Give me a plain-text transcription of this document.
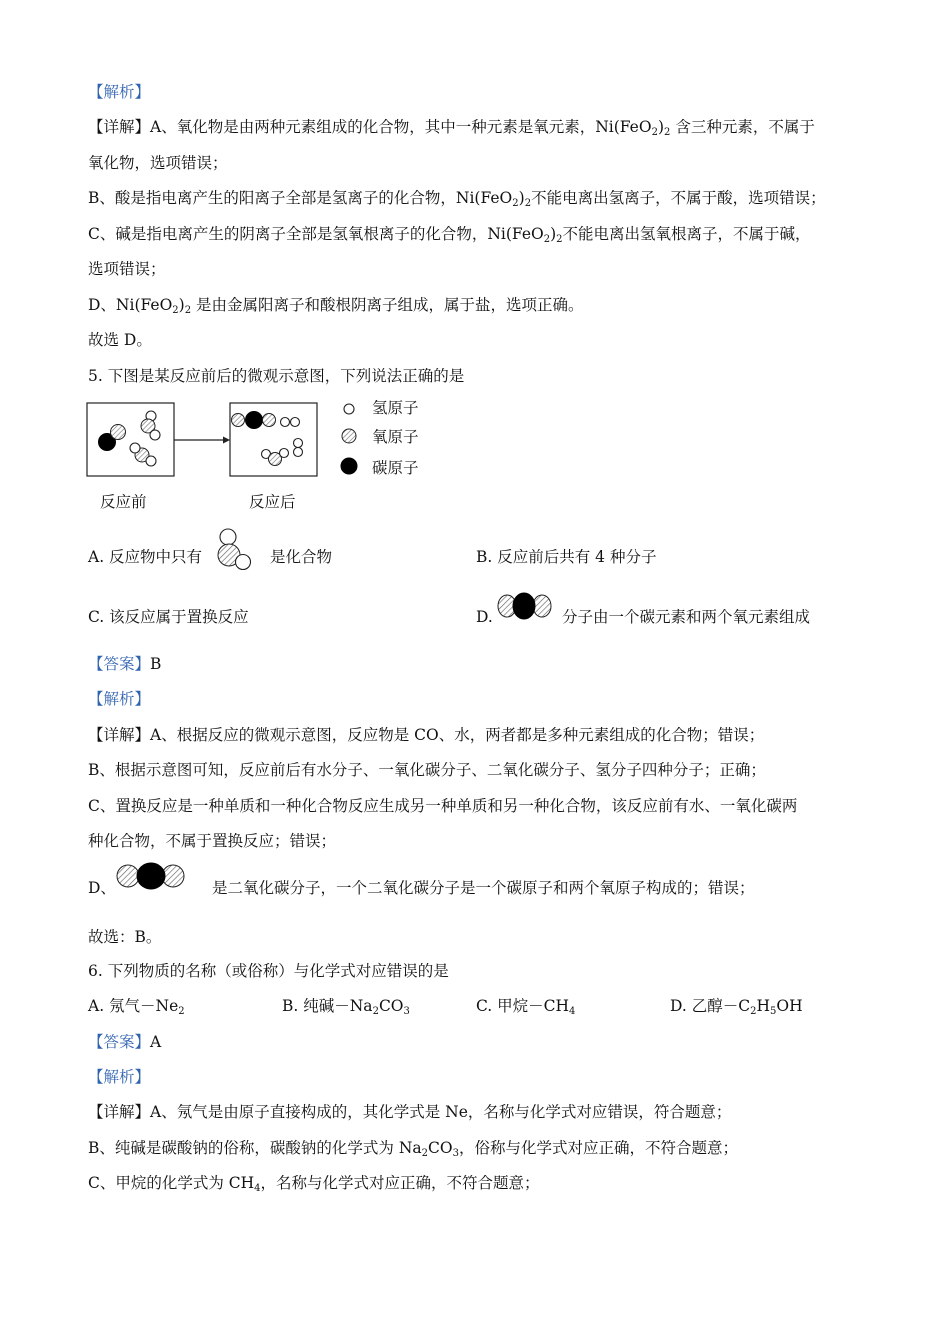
【解析】
【详解】A、氧化物是由两种元素组成的化合物，其中一种元素是氧元素，$Ni(FeO_2)_2$ 含三种元素，不属于
氧化物，选项错误；
B、酸是指电离产生的阳离子全部是氢离子的化合物，$Ni(FeO_2)_2$不能电离出氢离子，不属于酸，选项错误；
C、碱是指电离产生的阴离子全部是氢氧根离子的化合物，$Ni(FeO_2)_2$不能电离出氢氧根离子，不属于碱，
选项错误；
D、$Ni(FeO_2)_2$ 是由金属阳离子和酸根阴离子组成，属于盐，选项正确。
故选 D。
5. 下图是某反应前后的微观示意图，下列说法正确的是
氢原子
氧原子
碳原子
反应前	反应后
A. 反应物中只有	是化合物	B. 反应前后共有 4 种分子
C. 该反应属于置换反应	D.	分子由一个碳元素和两个氧元素组成
【答案】B
【解析】
【详解】A、根据反应的微观示意图，反应物是 CO、水，两者都是多种元素组成的化合物；错误；
B、根据示意图可知，反应前后有水分子、一氧化碳分子、二氧化碳分子、氢分子四种分子；正确；
C、置换反应是一种单质和一种化合物反应生成另一种单质和另一种化合物，该反应前有水、一氧化碳两
种化合物，不属于置换反应；错误；
D、	是二氧化碳分子，一个二氧化碳分子是一个碳原子和两个氧原子构成的；错误；
故选：B。
6. 下列物质的名称（或俗称）与化学式对应错误的是
A. 氖气$-Ne_2$	B. 纯碱$-Na_2CO_3$	C. 甲烷$-CH_4$	D. 乙醇$-C_2H_5OH$
【答案】A
【解析】
【详解】A、氖气是由原子直接构成的，其化学式是 Ne，名称与化学式对应错误，符合题意；
B、纯碱是碳酸钠的俗称，碳酸钠的化学式为 $Na_2CO_3$，俗称与化学式对应正确，不符合题意；
C、甲烷的化学式为 $CH_4$，名称与化学式对应正确，不符合题意；
